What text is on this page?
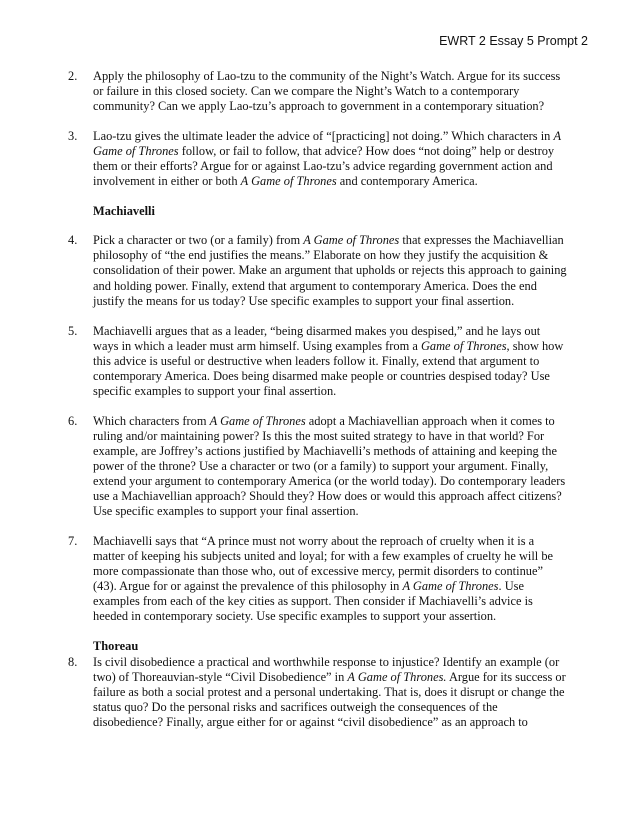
EWRT 2 Essay 5 Prompt 2
2. Apply the philosophy of Lao-tzu to the community of the Night’s Watch. Argue for its success or failure in this closed society. Can we compare the Night’s Watch to a contemporary community? Can we apply Lao-tzu’s approach to government in a contemporary situation?

3. Lao-tzu gives the ultimate leader the advice of “[practicing] not doing.” Which characters in A Game of Thrones follow, or fail to follow, that advice? How does “not doing” help or destroy them or their efforts? Argue for or against Lao-tzu’s advice regarding government action and involvement in either or both A Game of Thrones and contemporary America.

Machiavelli
4. Pick a character or two (or a family) from A Game of Thrones that expresses the Machiavellian philosophy of “the end justifies the means.” Elaborate on how they justify the acquisition & consolidation of their power. Make an argument that upholds or rejects this approach to gaining and holding power. Finally, extend that argument to contemporary America. Does the end justify the means for us today? Use specific examples to support your final assertion.

5. Machiavelli argues that as a leader, “being disarmed makes you despised,” and he lays out ways in which a leader must arm himself. Using examples from a Game of Thrones, show how this advice is useful or destructive when leaders follow it. Finally, extend that argument to contemporary America. Does being disarmed make people or countries despised today? Use specific examples to support your final assertion.

6. Which characters from A Game of Thrones adopt a Machiavellian approach when it comes to ruling and/or maintaining power? Is this the most suited strategy to have in that world? For example, are Joffrey’s actions justified by Machiavelli’s methods of attaining and keeping the power of the throne? Use a character or two (or a family) to support your argument. Finally, extend your argument to contemporary America (or the world today). Do contemporary leaders use a Machiavellian approach? Should they? How does or would this approach affect citizens? Use specific examples to support your final assertion.

7. Machiavelli says that “A prince must not worry about the reproach of cruelty when it is a matter of keeping his subjects united and loyal; for with a few examples of cruelty he will be more compassionate than those who, out of excessive mercy, permit disorders to continue” (43). Argue for or against the prevalence of this philosophy in A Game of Thrones. Use examples from each of the key cities as support. Then consider if Machiavelli’s advice is heeded in contemporary society. Use specific examples to support your assertion.

Thoreau
8. Is civil disobedience a practical and worthwhile response to injustice? Identify an example (or two) of Thoreauvian-style “Civil Disobedience” in A Game of Thrones. Argue for its success or failure as both a social protest and a personal undertaking. That is, does it disrupt or change the status quo? Do the personal risks and sacrifices outweigh the consequences of the disobedience? Finally, argue either for or against “civil disobedience” as an approach to
